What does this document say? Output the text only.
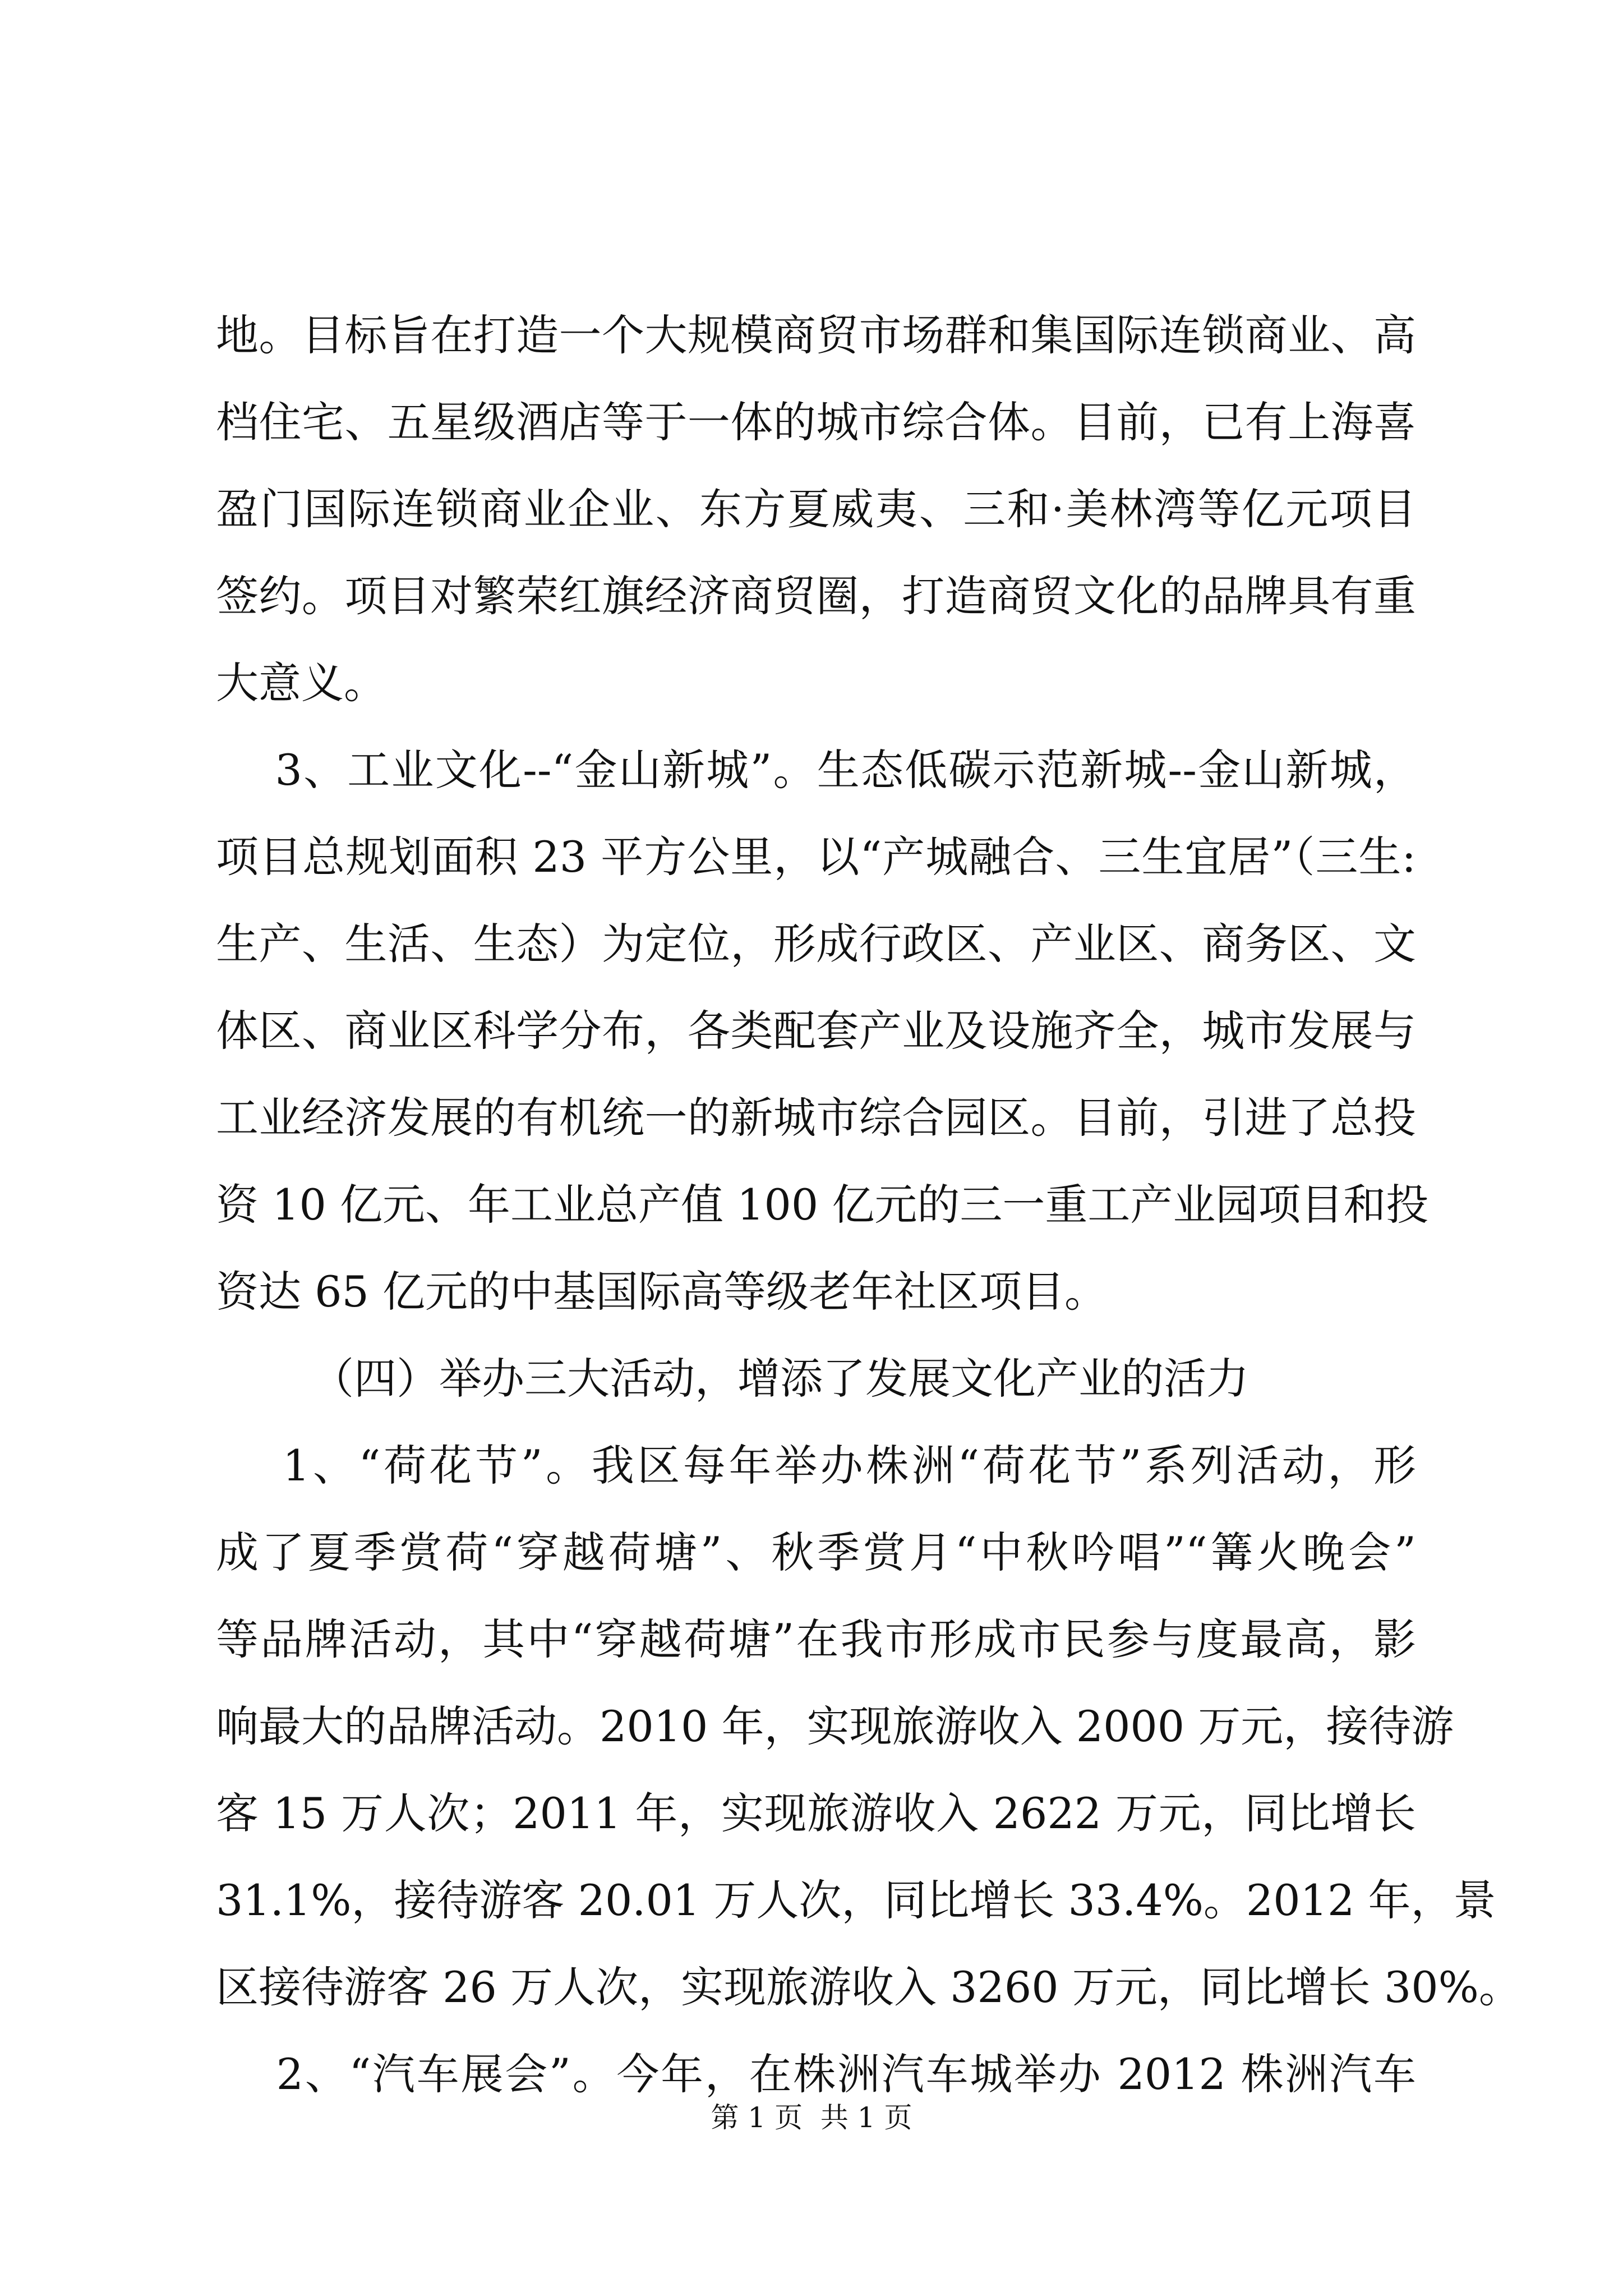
地。目标旨在打造一个大规模商贸市场群和集国际连锁商业、高
档住宅、五星级酒店等于一体的城市综合体。目前，已有上海喜
盈门国际连锁商业企业、东方夏威夷、三和·美林湾等亿元项目
签约。项目对繁荣红旗经济商贸圈，打造商贸文化的品牌具有重
大意义。
3、工业文化--“金山新城”。生态低碳示范新城--金山新城，
项目总规划面积 23 平方公里，以“产城融合、三生宜居”（三生:
生产、生活、生态）为定位，形成行政区、产业区、商务区、文
体区、商业区科学分布，各类配套产业及设施齐全，城市发展与
工业经济发展的有机统一的新城市综合园区。目前，引进了总投
资 10 亿元、年工业总产值 100 亿元的三一重工产业园项目和投
资达 65 亿元的中基国际高等级老年社区项目。
（四）举办三大活动，增添了发展文化产业的活力
1、“荷花节”。我区每年举办株洲“荷花节”系列活动，形
成了夏季赏荷“穿越荷塘”、秋季赏月“中秋吟唱”“篝火晚会”
等品牌活动，其中“穿越荷塘”在我市形成市民参与度最高，影
响最大的品牌活动。2010 年，实现旅游收入 2000 万元，接待游
客 15 万人次；2011 年，实现旅游收入 2622 万元，同比增长
31.1%，接待游客 20.01 万人次，同比增长 33.4%。2012 年，景
区接待游客 26 万人次，实现旅游收入 3260 万元，同比增长 30%。
2、“汽车展会”。今年，在株洲汽车城举办 2012 株洲汽车
第 1 页  共 1 页
